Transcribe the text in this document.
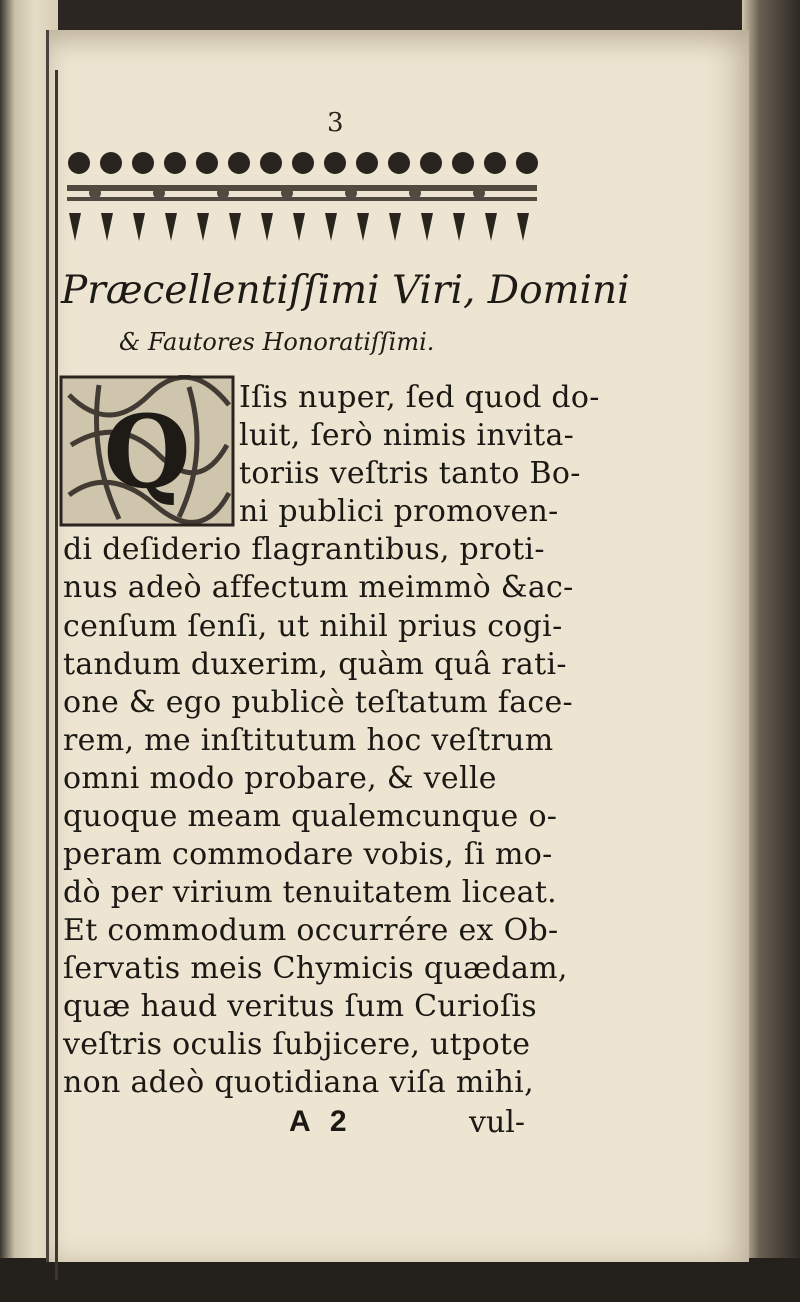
3
Præcellentiſſimi Viri, Domini
& Fautores Honoratiſſimi.
Q Iſis nuper, ſed quod do-
luit, ſerò nimis invita-
toriis veſtris tanto Bo-
ni publici promoven-
di deſiderio flagrantibus, proti-
nus adeò affectum meimmò &ac-
cenſum ſenſi, ut nihil prius cogi-
tandum duxerim, quàm quâ rati-
one & ego publicè teſtatum face-
rem, me inſtitutum hoc veſtrum
omni modo probare, & velle
quoque meam qualemcunque o-
peram commodare vobis, ſi mo-
dò per virium tenuitatem liceat.
Et commodum occurrére ex Ob-
ſervatis meis Chymicis quædam,
quæ haud veritus ſum Curioſis
veſtris oculis ſubjicere, utpote
non adeò quotidiana viſa mihi,
A 2	vul-
